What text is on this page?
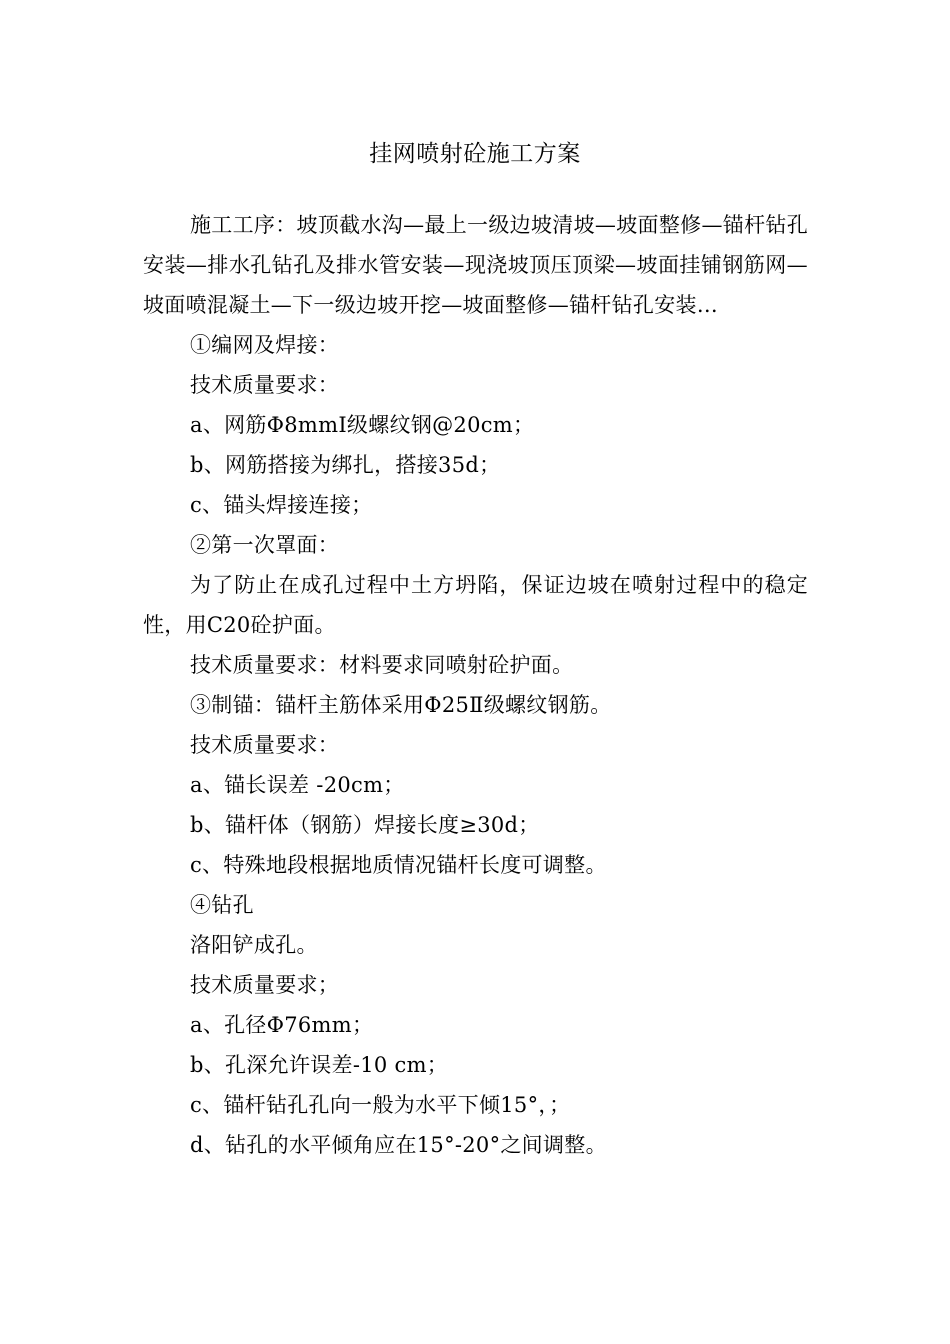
挂网喷射砼施工方案

施工工序：坡顶截水沟—最上一级边坡清坡—坡面整修—锚杆钻孔安装—排水孔钻孔及排水管安装—现浇坡顶压顶梁—坡面挂铺钢筋网—坡面喷混凝土—下一级边坡开挖—坡面整修—锚杆钻孔安装…

①编网及焊接：

技术质量要求：

a、网筋Φ8mmI级螺纹钢@20cm；

b、网筋搭接为绑扎，搭接35d；

c、锚头焊接连接；

②第一次罩面：

为了防止在成孔过程中土方坍陷，保证边坡在喷射过程中的稳定性，用C20砼护面。

技术质量要求：材料要求同喷射砼护面。

③制锚：锚杆主筋体采用Φ25Ⅱ级螺纹钢筋。

技术质量要求：

a、锚长误差 -20cm；

b、锚杆体（钢筋）焊接长度≥30d；

c、特殊地段根据地质情况锚杆长度可调整。

④钻孔

洛阳铲成孔。

技术质量要求；

a、孔径Φ76mm；

b、孔深允许误差-10 cm；

c、锚杆钻孔孔向一般为水平下倾15°，；

d、钻孔的水平倾角应在15°-20°之间调整。
